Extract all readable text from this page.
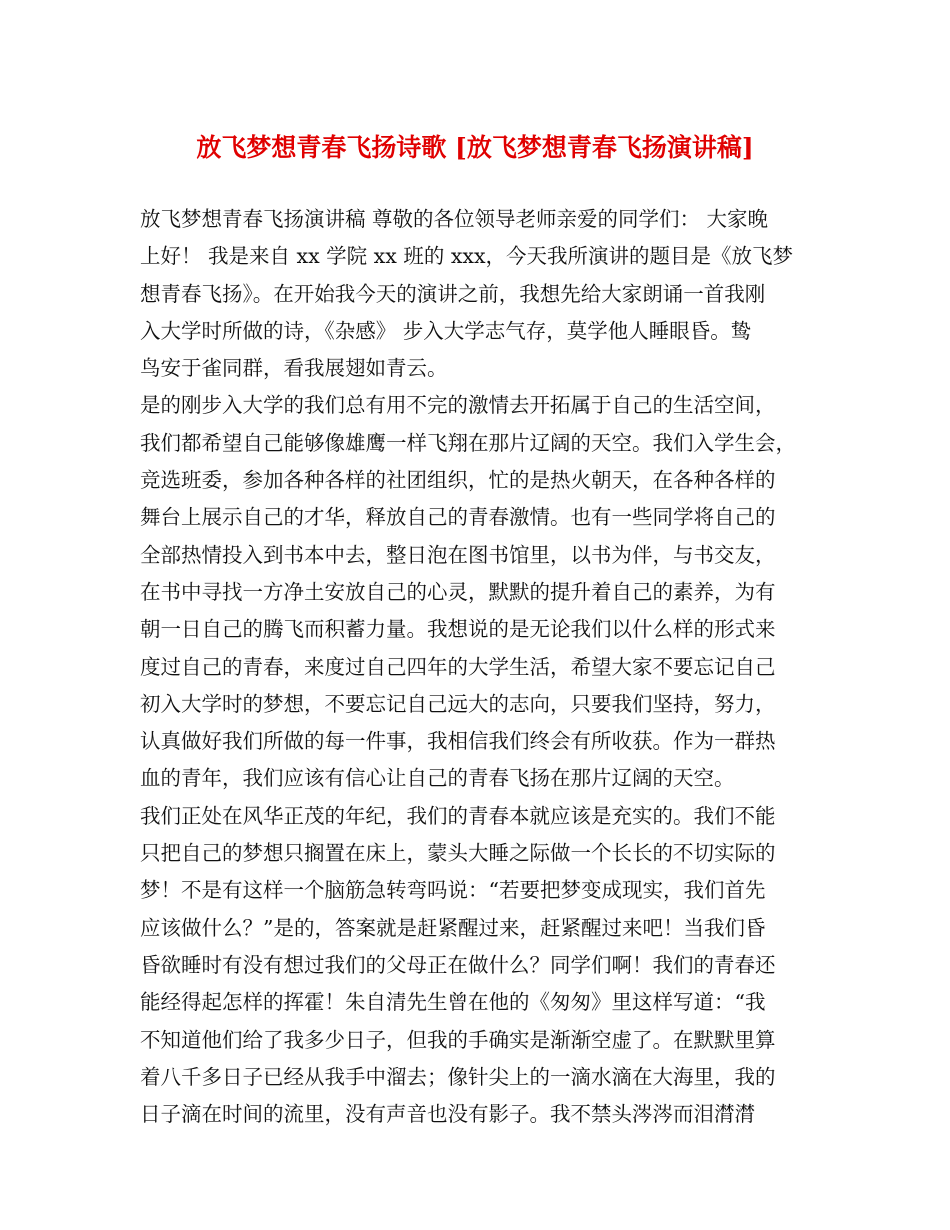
放飞梦想青春飞扬诗歌 [放飞梦想青春飞扬演讲稿]
放飞梦想青春飞扬演讲稿 尊敬的各位领导老师亲爱的同学们： 大家晚
上好！ 我是来自 xx 学院 xx 班的 xxx，今天我所演讲的题目是《放飞梦
想青春飞扬》。在开始我今天的演讲之前，我想先给大家朗诵一首我刚
入大学时所做的诗，《杂感》 步入大学志气存，莫学他人睡眼昏。鸷
鸟安于雀同群，看我展翅如青云。
是的刚步入大学的我们总有用不完的激情去开拓属于自己的生活空间，
我们都希望自己能够像雄鹰一样飞翔在那片辽阔的天空。我们入学生会，
竞选班委，参加各种各样的社团组织，忙的是热火朝天，在各种各样的
舞台上展示自己的才华，释放自己的青春激情。也有一些同学将自己的
全部热情投入到书本中去，整日泡在图书馆里，以书为伴，与书交友，
在书中寻找一方净土安放自己的心灵，默默的提升着自己的素养，为有
朝一日自己的腾飞而积蓄力量。我想说的是无论我们以什么样的形式来
度过自己的青春，来度过自己四年的大学生活，希望大家不要忘记自己
初入大学时的梦想，不要忘记自己远大的志向，只要我们坚持，努力，
认真做好我们所做的每一件事，我相信我们终会有所收获。作为一群热
血的青年，我们应该有信心让自己的青春飞扬在那片辽阔的天空。
我们正处在风华正茂的年纪，我们的青春本就应该是充实的。我们不能
只把自己的梦想只搁置在床上，蒙头大睡之际做一个长长的不切实际的
梦！不是有这样一个脑筋急转弯吗说：“若要把梦变成现实，我们首先
应该做什么？”是的，答案就是赶紧醒过来，赶紧醒过来吧！当我们昏
昏欲睡时有没有想过我们的父母正在做什么？同学们啊！我们的青春还
能经得起怎样的挥霍！朱自清先生曾在他的《匆匆》里这样写道：“我
不知道他们给了我多少日子，但我的手确实是渐渐空虚了。在默默里算
着八千多日子已经从我手中溜去；像针尖上的一滴水滴在大海里，我的
日子滴在时间的流里，没有声音也没有影子。我不禁头涔涔而泪潸潸
